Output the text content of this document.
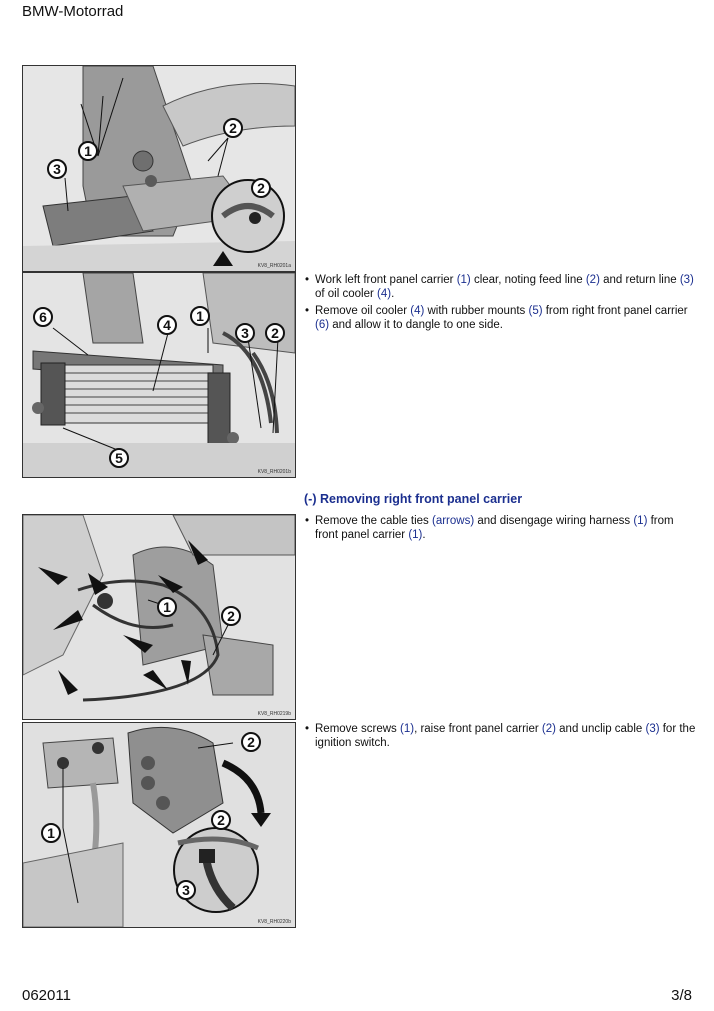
BMW-Motorrad
1
2
2
3
KV8_RH0201a
6	4
1
3	2
5
KV8_RH0201b
• Work left front panel carrier (1) clear, noting feed line (2) and return line (3) of oil cooler (4).
• Remove oil cooler (4) with rubber mounts (5) from right front panel carrier (6) and allow it to dangle to one side.
(-) Removing right front panel carrier
1
2
KV8_RH0219b
• Remove the cable ties (arrows) and disengage wiring harness (1) from front panel carrier (1).
2
2
1
3
KV8_RH0220b
• Remove screws (1), raise front panel carrier (2) and unclip cable (3) for the ignition switch.
062011	3/8
